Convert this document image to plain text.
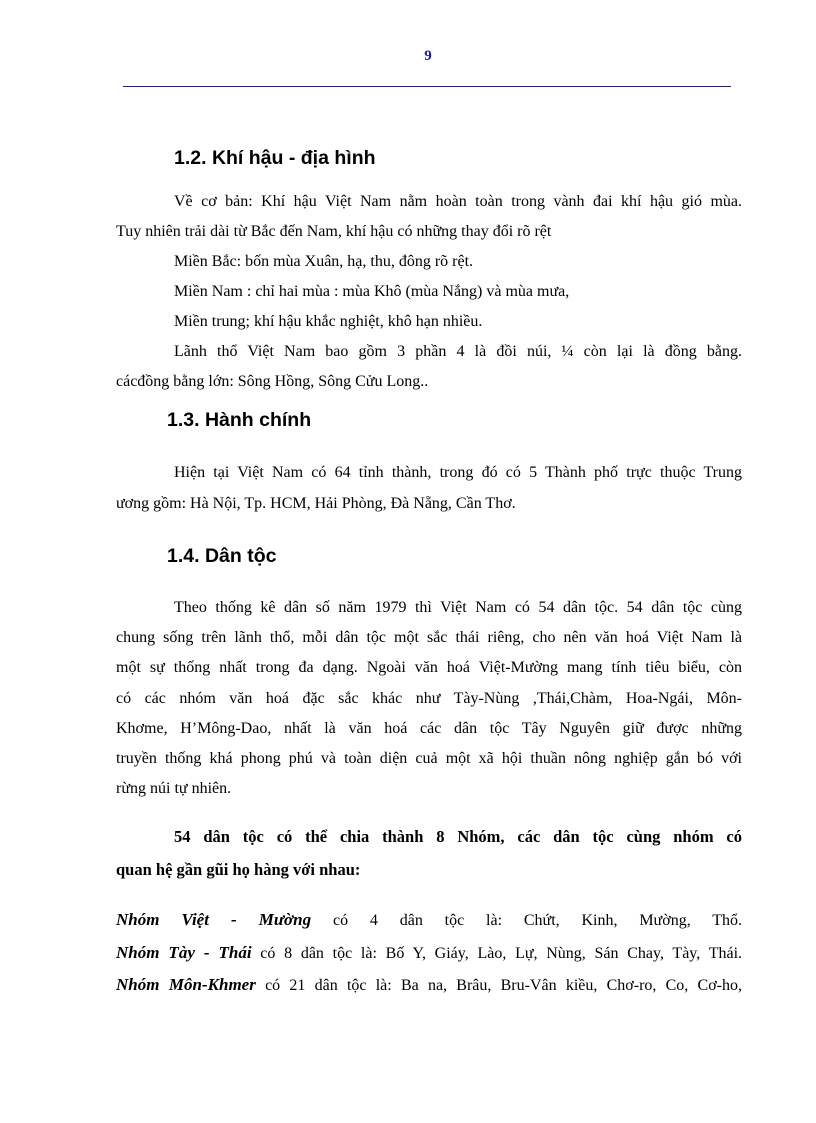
9
1.2. Khí hậu - địa hình

Về cơ bản: Khí hậu Việt Nam nằm hoàn toàn trong vành đai khí hậu gió mùa.

Tuy nhiên trải dài từ Bắc đến Nam, khí hậu có những thay đổi rõ rệt

Miền Bắc: bốn mùa Xuân, hạ, thu, đông rõ rệt.

Miền Nam : chỉ hai mùa : mùa Khô (mùa Nắng) và mùa mưa,

Miền trung; khí hậu khắc nghiệt, khô hạn nhiều.

Lãnh thổ Việt Nam bao gồm 3 phần 4 là đồi núi, ¼ còn lại là đồng bằng.

cácđồng bằng lớn: Sông Hồng, Sông Cửu Long..

1.3. Hành chính

Hiện tại Việt Nam có 64 tỉnh thành, trong đó có 5 Thành phố trực thuộc Trung

ương gồm: Hà Nội, Tp. HCM, Hải Phòng, Đà Nẵng, Cần Thơ.

1.4. Dân tộc

Theo thống kê dân số năm 1979 thì Việt Nam có 54 dân tộc. 54 dân tộc cùng

chung sống trên lãnh thổ, mỗi dân tộc một sắc thái riêng, cho nên văn hoá Việt Nam là

một sự thống nhất trong đa dạng. Ngoài văn hoá Việt-Mường mang tính tiêu biểu, còn

có các nhóm văn hoá đặc sắc khác như Tày-Nùng ,Thái,Chàm, Hoa-Ngái, Môn-

Khơme, H’Mông-Dao, nhất là văn hoá các dân tộc Tây Nguyên giữ được những

truyền thống khá phong phú và toàn diện cuả một xã hội thuần nông nghiệp gắn bó với

rừng núi tự nhiên.

54 dân tộc có thể chia thành 8 Nhóm, các dân tộc cùng nhóm có

quan hệ gần gũi họ hàng với nhau:

Nhóm Việt - Mường có 4 dân tộc là: Chứt, Kinh, Mường, Thổ.

Nhóm Tày - Thái có 8 dân tộc là: Bố Y, Giáy, Lào, Lự, Nùng, Sán Chay, Tày, Thái.

Nhóm Môn-Khmer có 21 dân tộc là: Ba na, Brâu, Bru-Vân kiều, Chơ-ro, Co, Cơ-ho,
